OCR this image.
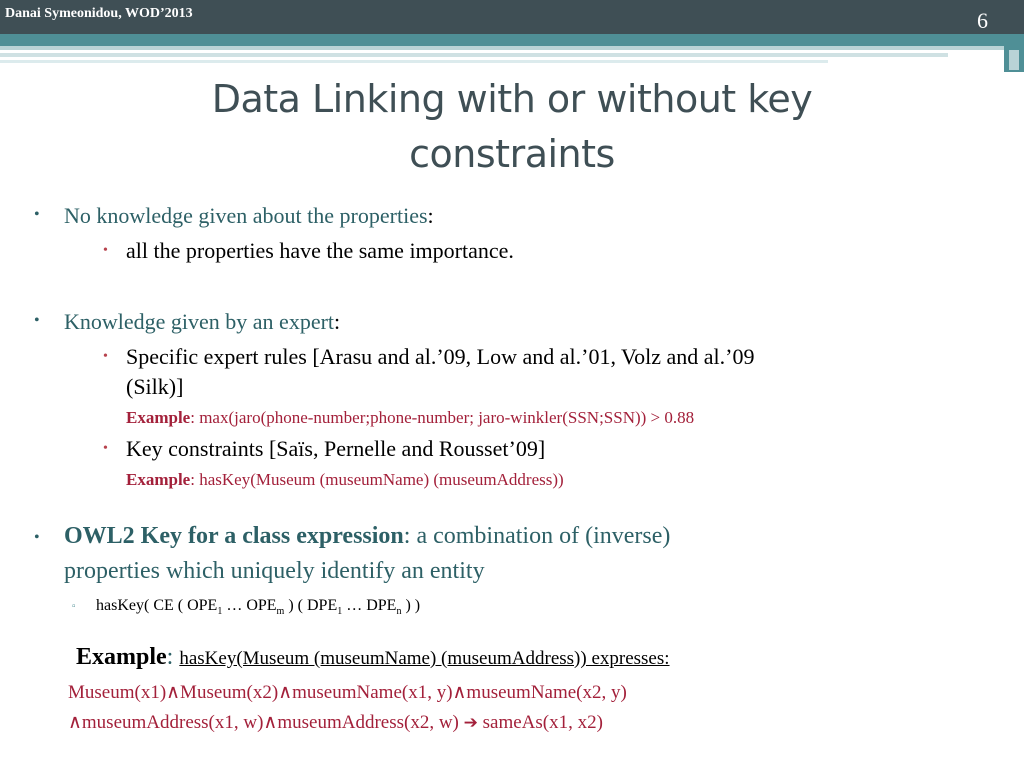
Danai Symeonidou, WOD’2013	6
Data Linking with or without key
constraints
• No knowledge given about the properties:
• all the properties have the same importance.
• Knowledge given by an expert:
• Specific expert rules [Arasu and al.’09, Low and al.’01, Volz and al.’09
(Silk)]
Example: max(jaro(phone-number;phone-number; jaro-winkler(SSN;SSN)) > 0.88
• Key constraints [Saïs, Pernelle and Rousset’09]
Example: hasKey(Museum (museumName) (museumAddress))
• OWL2 Key for a class expression: a combination of (inverse)
properties which uniquely identify an entity
▫ hasKey( CE ( $OPE_1$ … $OPE_m$ ) ( $DPE_1$ … $DPE_n$ ) )
Example: hasKey(Museum (museumName) (museumAddress)) expresses:
Museum(x1)∧Museum(x2)∧museumName(x1, y)∧museumName(x2, y)
∧museumAddress(x1, w)∧museumAddress(x2, w) ➔ sameAs(x1, x2)
